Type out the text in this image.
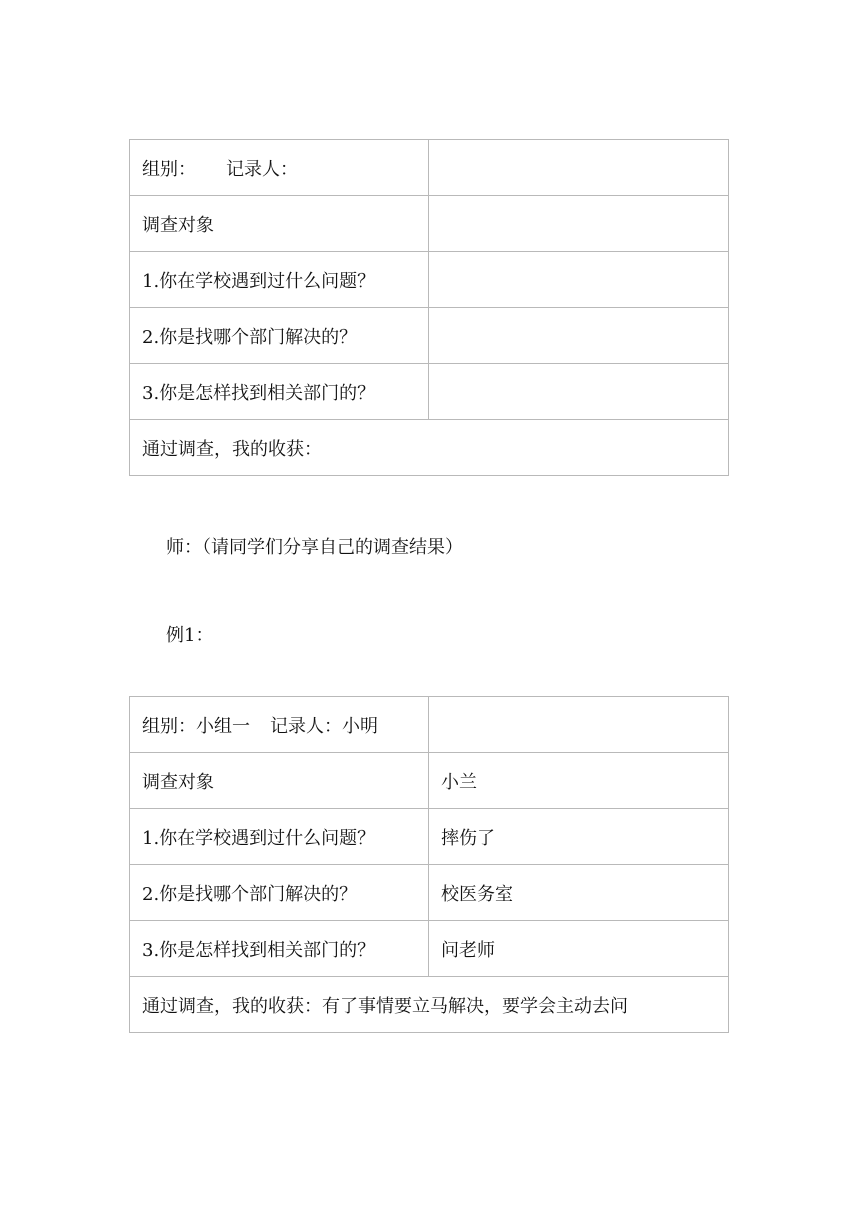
组别： 记录人：	
调查对象	
1.你在学校遇到过什么问题？	
2.你是找哪个部门解决的？	
3.你是怎样找到相关部门的？	
通过调查，我的收获：	

师：（请同学们分享自己的调查结果）

例1：

组别：小组一 记录人：小明	
调查对象	小兰
1.你在学校遇到过什么问题？	摔伤了
2.你是找哪个部门解决的？	校医务室
3.你是怎样找到相关部门的？	问老师
通过调查，我的收获：有了事情要立马解决，要学会主动去问	
